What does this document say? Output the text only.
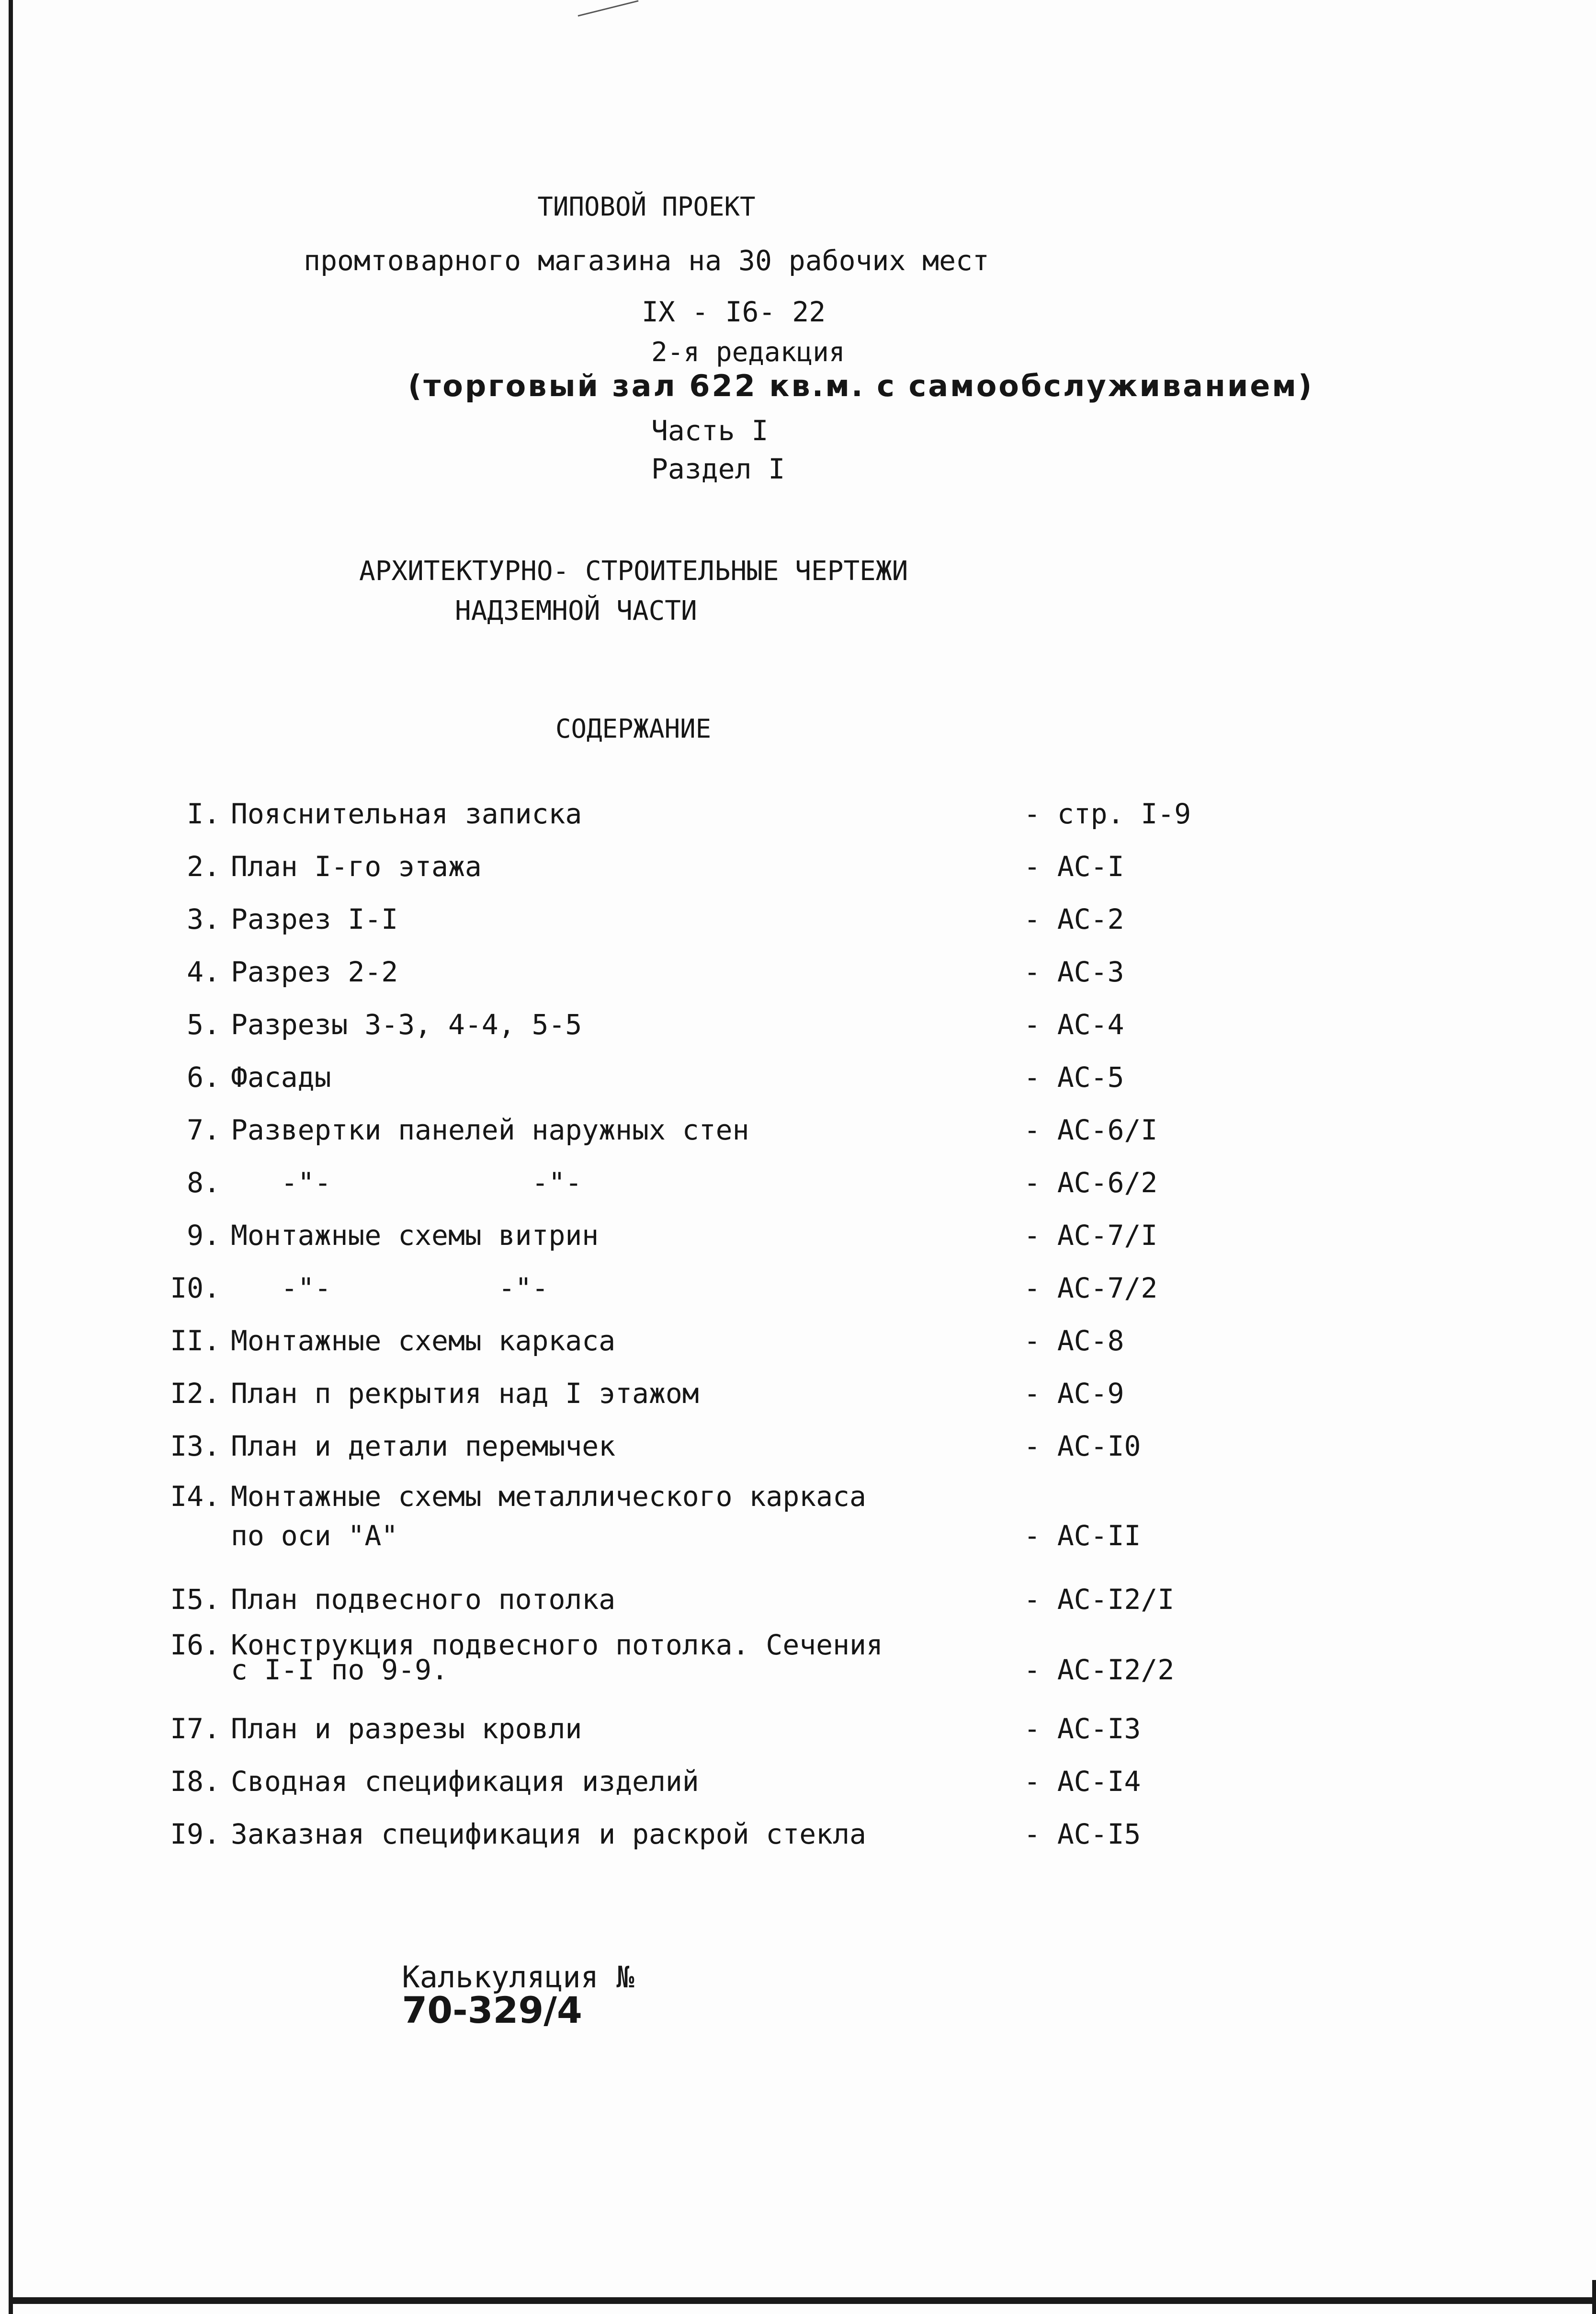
ТИПОВОЙ ПРОЕКТ
промтоварного магазина на 30 рабочих мест
IX - I6- 22
2-я редакция
(торговый зал 622 кв.м. с самообслуживанием)
Часть I
Раздел I
АРХИТЕКТУРНО- СТРОИТЕЛЬНЫЕ ЧЕРТЕЖИ
НАДЗЕМНОЙ ЧАСТИ
СОДЕРЖАНИЕ
I. Пояснительная записка	- стр. I-9
2. План I-го этажа	- АС-I
3. Разрез I-I	- АС-2
4. Разрез 2-2	- АС-3
5. Разрезы 3-3, 4-4, 5-5	- АС-4
6. Фасады	- АС-5
7. Развертки панелей наружных стен	- АС-6/I
8. -"-            -"-	- АС-6/2
9. Монтажные схемы витрин	- АС-7/I
I0. -"-          -"-	- АС-7/2
II. Монтажные схемы каркаса	- АС-8
I2. План п рекрытия над I этажом	- АС-9
I3. План и детали перемычек	- АС-I0
I4. Монтажные схемы металлического каркаса
по оси "А"	- АС-II
I5. План подвесного потолка	- АС-I2/I
I6. Конструкция подвесного потолка. Сечения
с I-I по 9-9.	- АС-I2/2
I7. План и разрезы кровли	- АС-I3
I8. Сводная спецификация изделий	- АС-I4
I9. Заказная спецификация и раскрой стекла	- АС-I5

Калькуляция №
70-329/4
